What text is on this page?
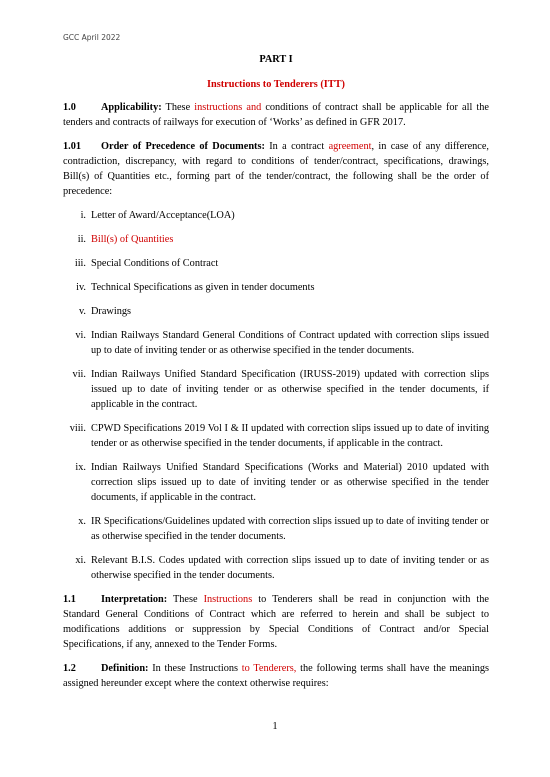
GCC April 2022
PART I
Instructions to Tenderers (ITT)
1.0 Applicability: These instructions and conditions of contract shall be applicable for all the tenders and contracts of railways for execution of ‘Works’ as defined in GFR 2017.
1.01 Order of Precedence of Documents: In a contract agreement, in case of any difference, contradiction, discrepancy, with regard to conditions of tender/contract, specifications, drawings, Bill(s) of Quantities etc., forming part of the tender/contract, the following shall be the order of precedence:
i. Letter of Award/Acceptance(LOA)
ii. Bill(s) of Quantities
iii. Special Conditions of Contract
iv. Technical Specifications as given in tender documents
v. Drawings
vi. Indian Railways Standard General Conditions of Contract updated with correction slips issued up to date of inviting tender or as otherwise specified in the tender documents.
vii. Indian Railways Unified Standard Specification (IRUSS-2019) updated with correction slips issued up to date of inviting tender or as otherwise specified in the tender documents, if applicable in the contract.
viii. CPWD Specifications 2019 Vol I & II updated with correction slips issued up to date of inviting tender or as otherwise specified in the tender documents, if applicable in the contract.
ix. Indian Railways Unified Standard Specifications (Works and Material) 2010 updated with correction slips issued up to date of inviting tender or as otherwise specified in the tender documents, if applicable in the contract.
x. IR Specifications/Guidelines updated with correction slips issued up to date of inviting tender or as otherwise specified in the tender documents.
xi. Relevant B.I.S. Codes updated with correction slips issued up to date of inviting tender or as otherwise specified in the tender documents.
1.1 Interpretation: These Instructions to Tenderers shall be read in conjunction with the Standard General Conditions of Contract which are referred to herein and shall be subject to modifications additions or suppression by Special Conditions of Contract and/or Special Specifications, if any, annexed to the Tender Forms.
1.2 Definition: In these Instructions to Tenderers, the following terms shall have the meanings assigned hereunder except where the context otherwise requires:
1
